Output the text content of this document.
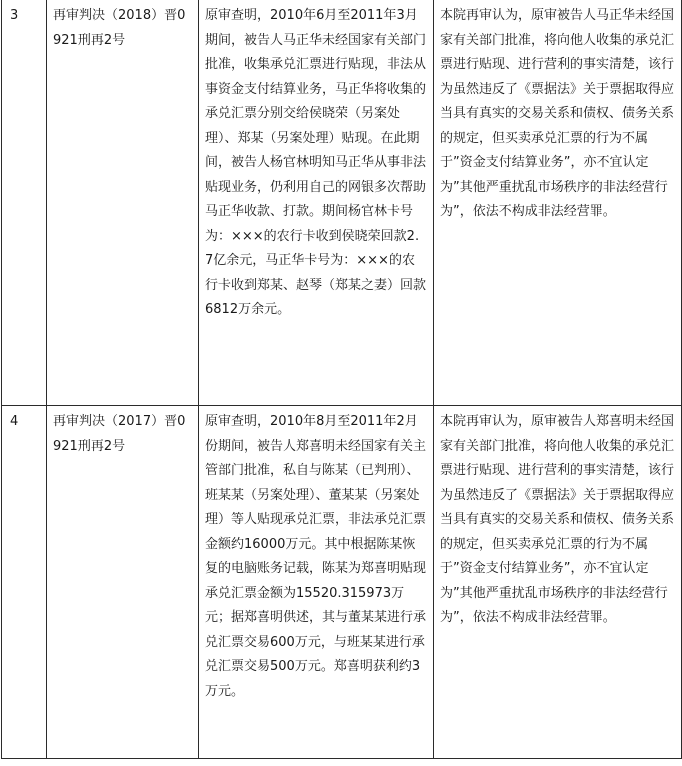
3	再审判决（2018）晋0921刑再2号	原审查明，2010年6月至2011年3月期间，被告人马正华未经国家有关部门批准，收集承兑汇票进行贴现，非法从事资金支付结算业务，马正华将收集的承兑汇票分别交给侯晓荣（另案处理）、郑某（另案处理）贴现。在此期间，被告人杨官林明知马正华从事非法贴现业务，仍利用自己的网银多次帮助马正华收款、打款。期间杨官林卡号为：×××的农行卡收到侯晓荣回款2.7亿余元，马正华卡号为：×××的农行卡收到郑某、赵琴（郑某之妻）回款6812万余元。	本院再审认为，原审被告人马正华未经国家有关部门批准，将向他人收集的承兑汇票进行贴现、进行营利的事实清楚，该行为虽然违反了《票据法》关于票据取得应当具有真实的交易关系和债权、债务关系的规定，但买卖承兑汇票的行为不属于”资金支付结算业务”，亦不宜认定为”其他严重扰乱市场秩序的非法经营行为”，依法不构成非法经营罪。
4	再审判决（2017）晋0921刑再2号	原审查明，2010年8月至2011年2月份期间，被告人郑喜明未经国家有关主管部门批准，私自与陈某（已判刑）、班某某（另案处理）、董某某（另案处理）等人贴现承兑汇票，非法承兑汇票金额约16000万元。其中根据陈某恢复的电脑账务记载，陈某为郑喜明贴现承兑汇票金额为15520.315973万元；据郑喜明供述，其与董某某进行承兑汇票交易600万元，与班某某进行承兑汇票交易500万元。郑喜明获利约3万元。	本院再审认为，原审被告人郑喜明未经国家有关部门批准，将向他人收集的承兑汇票进行贴现、进行营利的事实清楚，该行为虽然违反了《票据法》关于票据取得应当具有真实的交易关系和债权、债务关系的规定，但买卖承兑汇票的行为不属于”资金支付结算业务”，亦不宜认定为”其他严重扰乱市场秩序的非法经营行为”，依法不构成非法经营罪。
